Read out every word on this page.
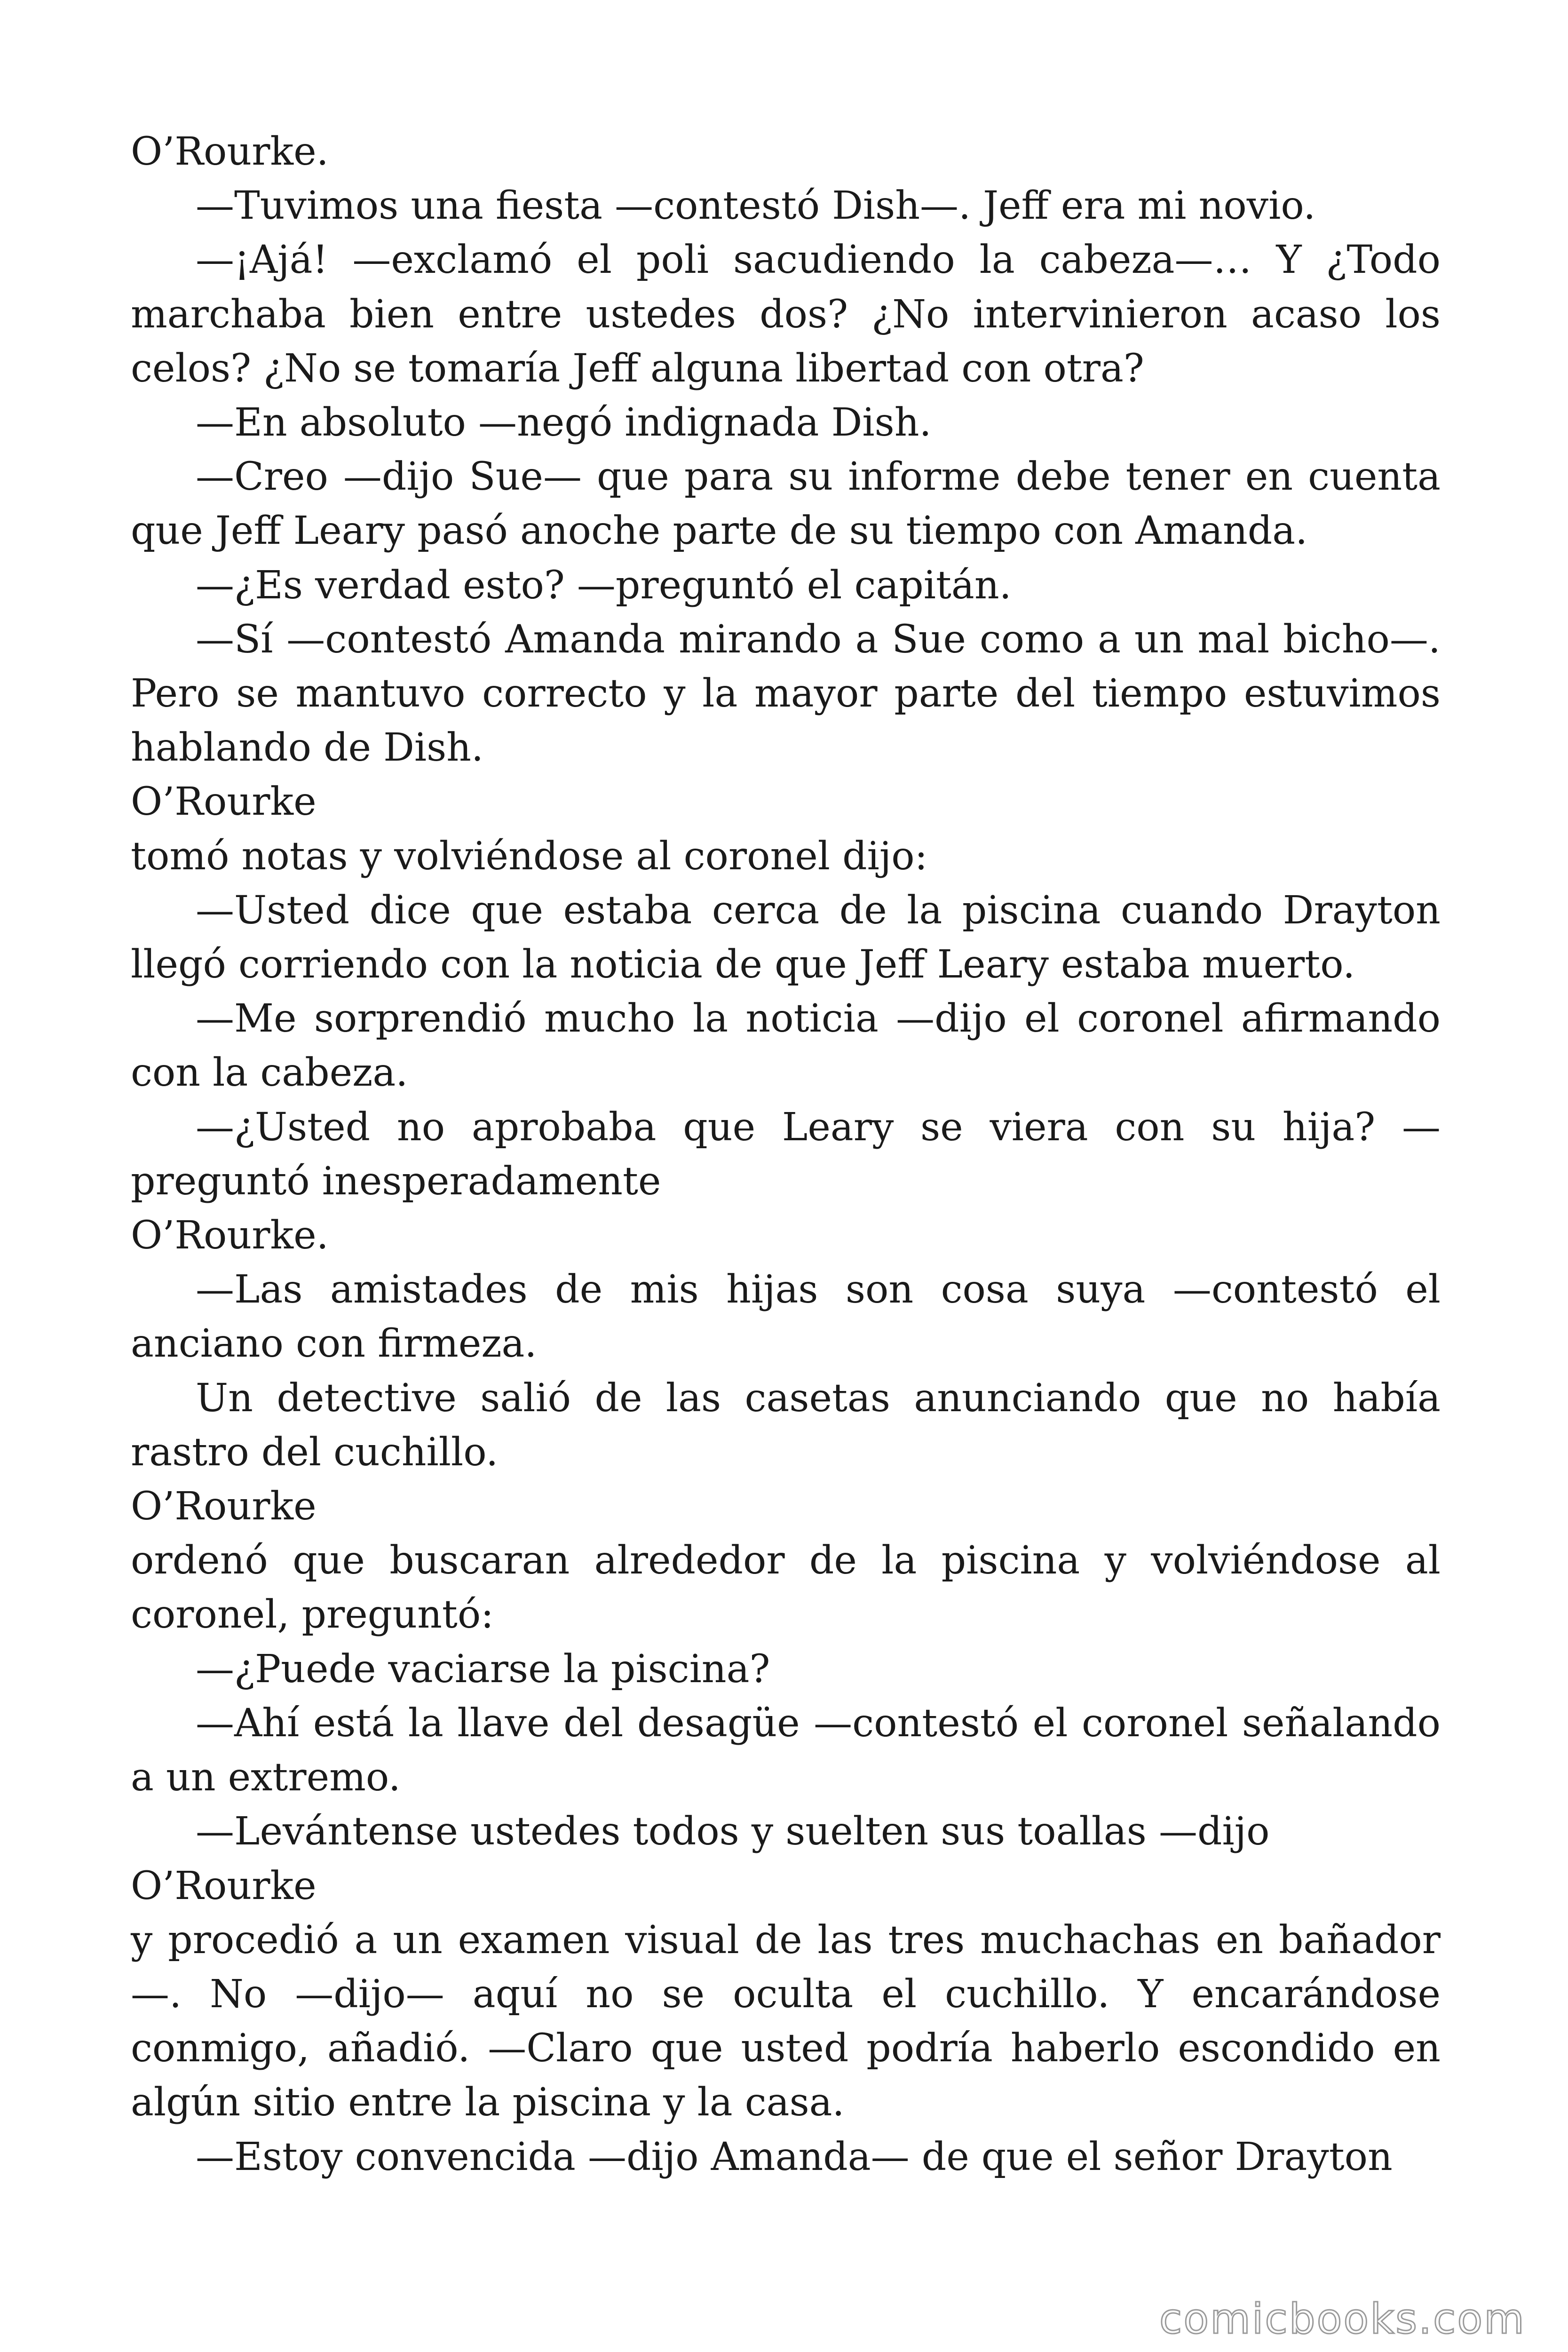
O’Rourke.

—Tuvimos una fiesta —contestó Dish—. Jeff era mi novio.

—¡Ajá! —exclamó el poli sacudiendo la cabeza—… Y ¿Todo marchaba bien entre ustedes dos? ¿No intervinieron acaso los celos? ¿No se tomaría Jeff alguna libertad con otra?

—En absoluto —negó indignada Dish.

—Creo —dijo Sue— que para su informe debe tener en cuenta que Jeff Leary pasó anoche parte de su tiempo con Amanda.

—¿Es verdad esto? —preguntó el capitán.

—Sí —contestó Amanda mirando a Sue como a un mal bicho—. Pero se mantuvo correcto y la mayor parte del tiempo estuvimos hablando de Dish.

O’Rourke

tomó notas y volviéndose al coronel dijo:

—Usted dice que estaba cerca de la piscina cuando Drayton llegó corriendo con la noticia de que Jeff Leary estaba muerto.

—Me sorprendió mucho la noticia —dijo el coronel afirmando con la cabeza.

—¿Usted no aprobaba que Leary se viera con su hija? —preguntó inesperadamente

O’Rourke.

—Las amistades de mis hijas son cosa suya —contestó el anciano con firmeza.

Un detective salió de las casetas anunciando que no había rastro del cuchillo.

O’Rourke

ordenó que buscaran alrededor de la piscina y volviéndose al coronel, preguntó:

—¿Puede vaciarse la piscina?

—Ahí está la llave del desagüe —contestó el coronel señalando a un extremo.

—Levántense ustedes todos y suelten sus toallas —dijo

O’Rourke

y procedió a un examen visual de las tres muchachas en bañador—. No —dijo— aquí no se oculta el cuchillo. Y encarándose conmigo, añadió. —Claro que usted podría haberlo escondido en algún sitio entre la piscina y la casa.

—Estoy convencida —dijo Amanda— de que el señor Drayton

comicbooks.com
